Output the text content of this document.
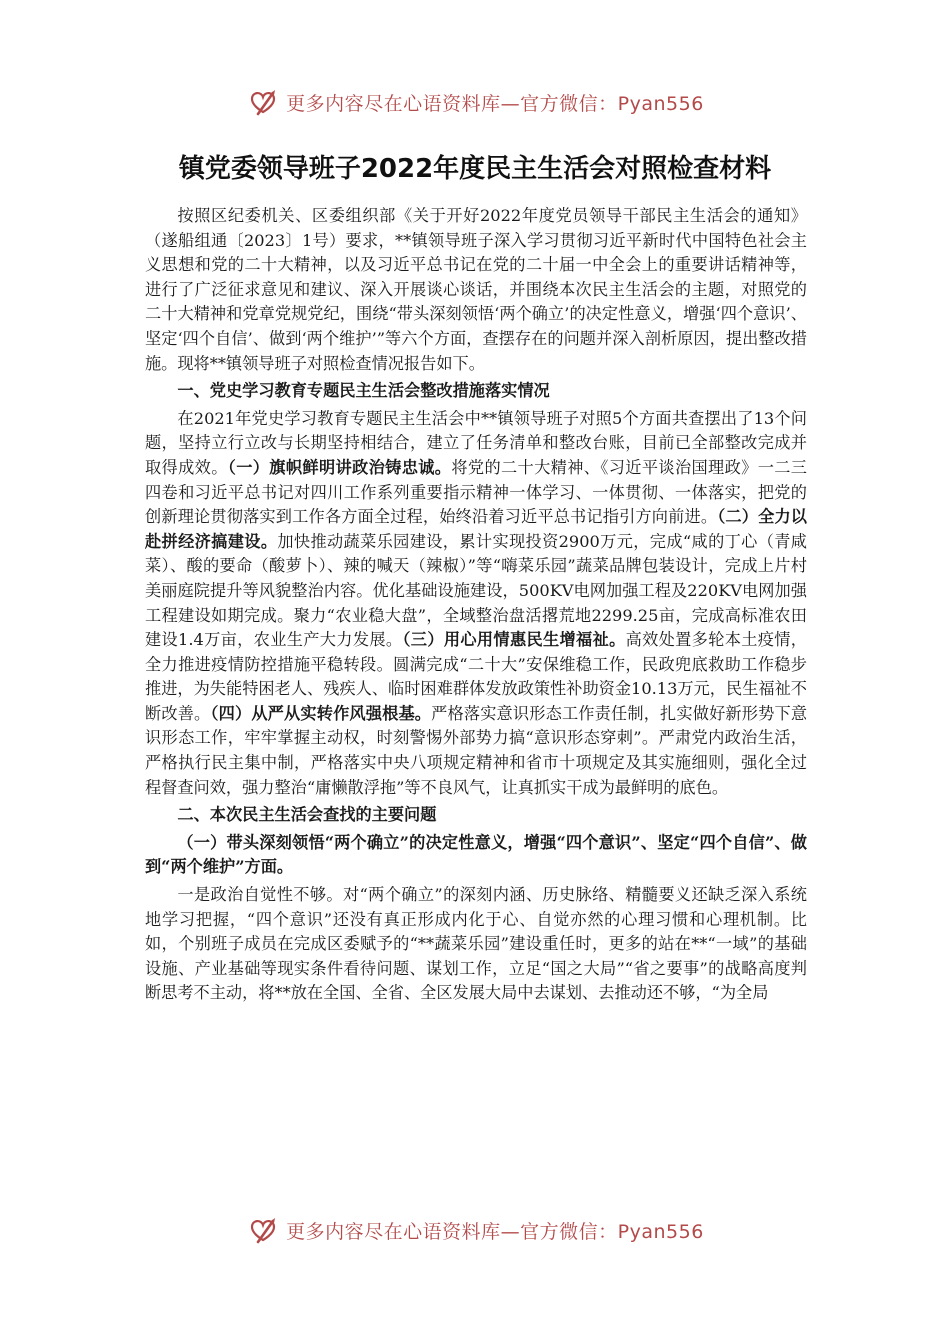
更多内容尽在心语资料库—官方微信：Pyan556
镇党委领导班子2022年度民主生活会对照检查材料

按照区纪委机关、区委组织部《关于开好2022年度党员领导干部民主生活会的通知》（遂船组通〔2023〕1号）要求，**镇领导班子深入学习贯彻习近平新时代中国特色社会主义思想和党的二十大精神，以及习近平总书记在党的二十届一中全会上的重要讲话精神等，进行了广泛征求意见和建议、深入开展谈心谈话，并围绕本次民主生活会的主题，对照党的二十大精神和党章党规党纪，围绕“带头深刻领悟‘两个确立’的决定性意义，增强‘四个意识’、坚定‘四个自信’、做到‘两个维护’”等六个方面，查摆存在的问题并深入剖析原因，提出整改措施。现将**镇领导班子对照检查情况报告如下。

一、党史学习教育专题民主生活会整改措施落实情况

在2021年党史学习教育专题民主生活会中**镇领导班子对照5个方面共查摆出了13个问题，坚持立行立改与长期坚持相结合，建立了任务清单和整改台账，目前已全部整改完成并取得成效。（一）旗帜鲜明讲政治铸忠诚。将党的二十大精神、《习近平谈治国理政》一二三四卷和习近平总书记对四川工作系列重要指示精神一体学习、一体贯彻、一体落实，把党的创新理论贯彻落实到工作各方面全过程，始终沿着习近平总书记指引方向前进。（二）全力以赴拼经济搞建设。加快推动蔬菜乐园建设，累计实现投资2900万元，完成“咸的丁心（青咸菜）、酸的要命（酸萝卜）、辣的喊天（辣椒）”等“嗨菜乐园”蔬菜品牌包装设计，完成上片村美丽庭院提升等风貌整治内容。优化基础设施建设，500KV电网加强工程及220KV电网加强工程建设如期完成。聚力“农业稳大盘”，全域整治盘活撂荒地2299.25亩，完成高标准农田建设1.4万亩，农业生产大力发展。（三）用心用情惠民生增福祉。高效处置多轮本土疫情，全力推进疫情防控措施平稳转段。圆满完成“二十大”安保维稳工作，民政兜底救助工作稳步推进，为失能特困老人、残疾人、临时困难群体发放政策性补助资金10.13万元，民生福祉不断改善。（四）从严从实转作风强根基。严格落实意识形态工作责任制，扎实做好新形势下意识形态工作，牢牢掌握主动权，时刻警惕外部势力搞“意识形态穿刺”。严肃党内政治生活，严格执行民主集中制，严格落实中央八项规定精神和省市十项规定及其实施细则，强化全过程督查问效，强力整治“庸懒散浮拖”等不良风气，让真抓实干成为最鲜明的底色。

二、本次民主生活会查找的主要问题

（一）带头深刻领悟“两个确立”的决定性意义，增强“四个意识”、坚定“四个自信”、做到“两个维护”方面。

一是政治自觉性不够。对“两个确立”的深刻内涵、历史脉络、精髓要义还缺乏深入系统地学习把握，“四个意识”还没有真正形成内化于心、自觉亦然的心理习惯和心理机制。比如，个别班子成员在完成区委赋予的“**蔬菜乐园”建设重任时，更多的站在**“一域”的基础设施、产业基础等现实条件看待问题、谋划工作，立足“国之大局”“省之要事”的战略高度判断思考不主动，将**放在全国、全省、全区发展大局中去谋划、去推动还不够，“为全局

更多内容尽在心语资料库—官方微信：Pyan556
